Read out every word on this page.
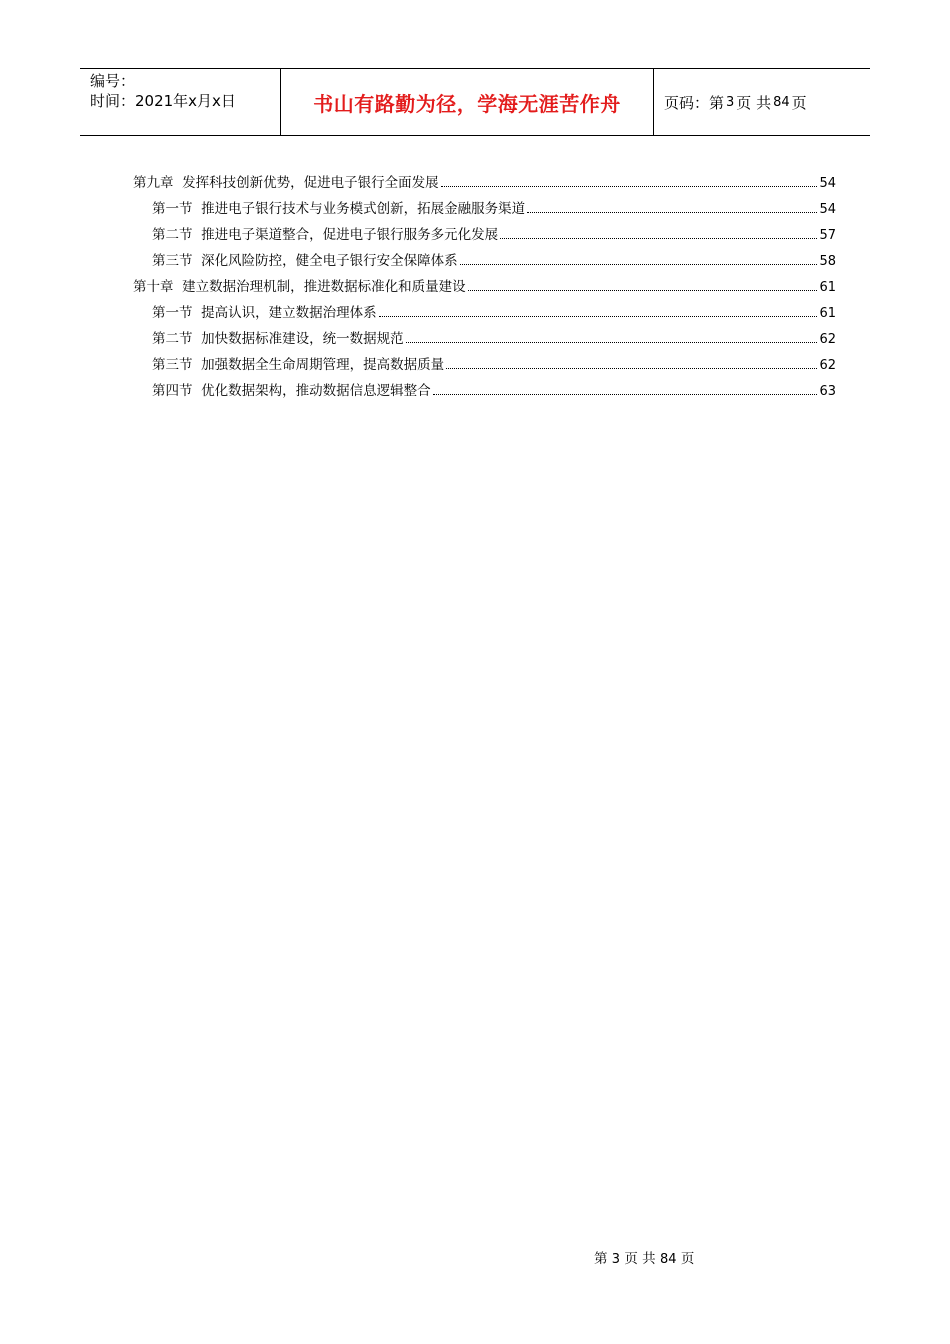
编号：
时间：2021年x月x日	书山有路勤为径，学海无涯苦作舟	页码：第 3 页 共 84 页
第九章 发挥科技创新优势，促进电子银行全面发展	54
第一节 推进电子银行技术与业务模式创新，拓展金融服务渠道	54
第二节 推进电子渠道整合，促进电子银行服务多元化发展	57
第三节 深化风险防控，健全电子银行安全保障体系	58
第十章 建立数据治理机制，推进数据标准化和质量建设	61
第一节 提高认识，建立数据治理体系	61
第二节 加快数据标准建设，统一数据规范	62
第三节 加强数据全生命周期管理，提高数据质量	62
第四节 优化数据架构，推动数据信息逻辑整合	63
第 3 页 共 84 页
